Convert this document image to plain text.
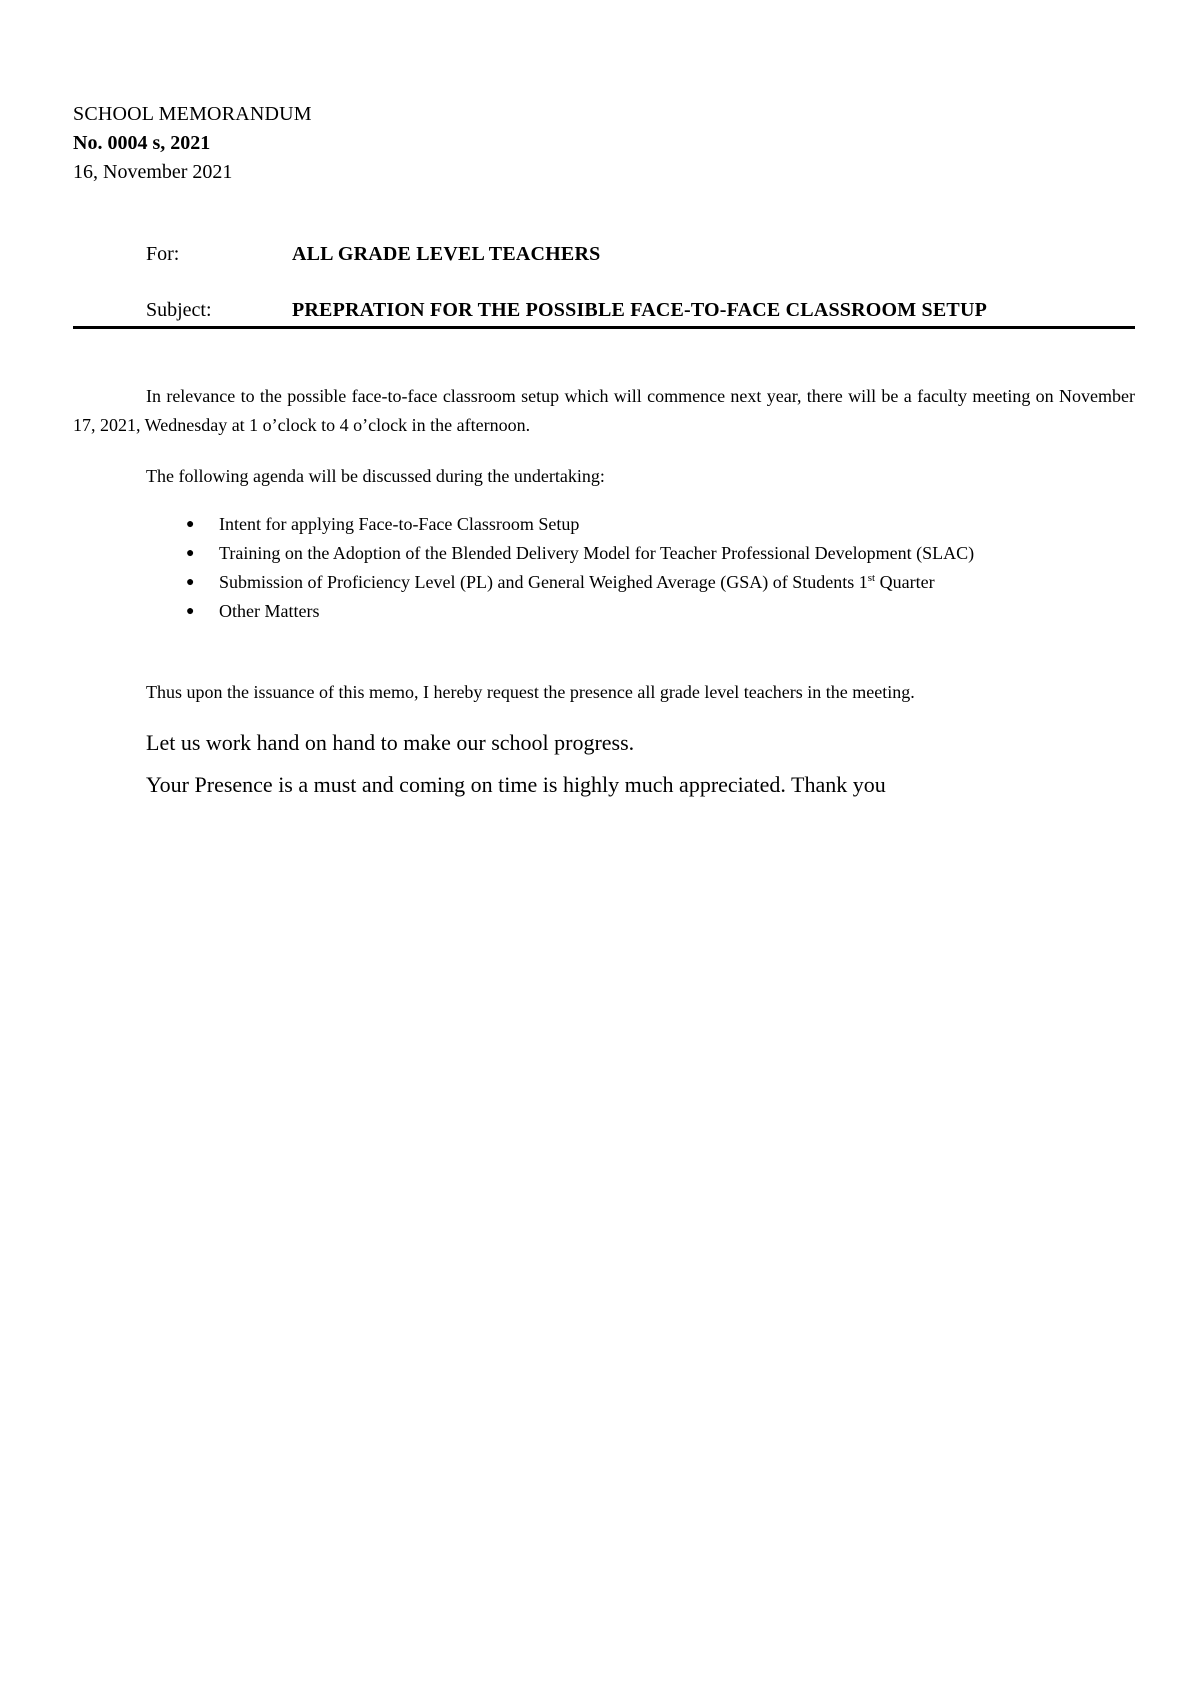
SCHOOL MEMORANDUM
No. 0004 s, 2021
16, November 2021
For:	ALL GRADE LEVEL TEACHERS
Subject:	PREPRATION FOR THE POSSIBLE FACE-TO-FACE CLASSROOM SETUP
In relevance to the possible face-to-face classroom setup which will commence next year, there will be a faculty meeting on November 17, 2021, Wednesday at 1 o’clock to 4 o’clock in the afternoon.
The following agenda will be discussed during the undertaking:
● Intent for applying Face-to-Face Classroom Setup
● Training on the Adoption of the Blended Delivery Model for Teacher Professional Development (SLAC)
● Submission of Proficiency Level (PL) and General Weighed Average (GSA) of Students 1st Quarter
● Other Matters
Thus upon the issuance of this memo, I hereby request the presence all grade level teachers in the meeting.
Let us work hand on hand to make our school progress.
Your Presence is a must and coming on time is highly much appreciated. Thank you
